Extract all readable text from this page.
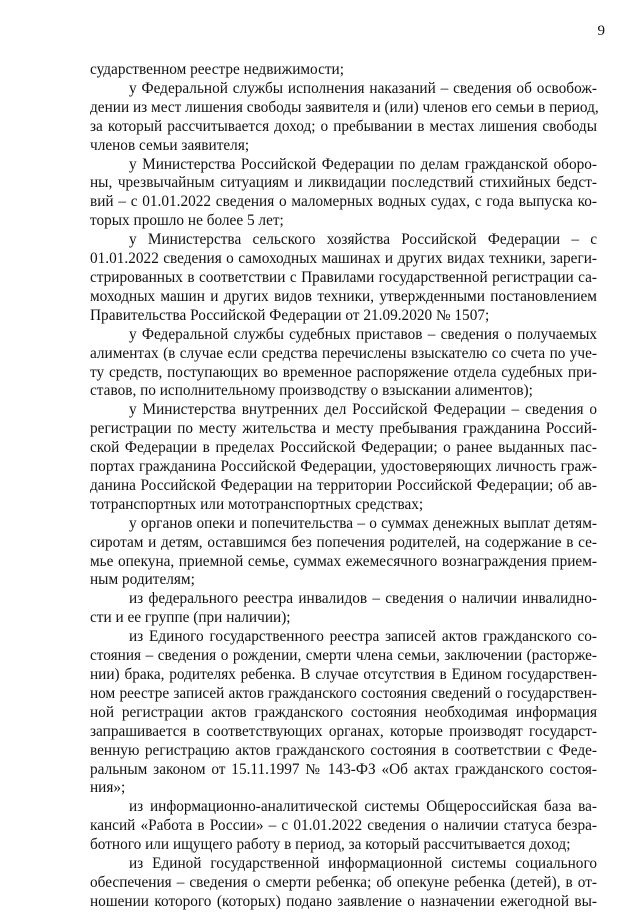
9
сударственном реестре недвижимости;
у Федеральной службы исполнения наказаний – сведения об освобож-
дении из мест лишения свободы заявителя и (или) членов его семьи в период,
за который рассчитывается доход; о пребывании в местах лишения свободы
членов семьи заявителя;
у Министерства Российской Федерации по делам гражданской оборо-
ны, чрезвычайным ситуациям и ликвидации последствий стихийных бедст-
вий – с 01.01.2022 сведения о маломерных водных судах, с года выпуска ко-
торых прошло не более 5 лет;
у Министерства сельского хозяйства Российской Федерации – с
01.01.2022 сведения о самоходных машинах и других видах техники, зареги-
стрированных в соответствии с Правилами государственной регистрации са-
моходных машин и других видов техники, утвержденными постановлением
Правительства Российской Федерации от 21.09.2020 № 1507;
у Федеральной службы судебных приставов – сведения о получаемых
алиментах (в случае если средства перечислены взыскателю со счета по уче-
ту средств, поступающих во временное распоряжение отдела судебных при-
ставов, по исполнительному производству о взыскании алиментов);
у Министерства внутренних дел Российской Федерации – сведения о
регистрации по месту жительства и месту пребывания гражданина Россий-
ской Федерации в пределах Российской Федерации; о ранее выданных пас-
портах гражданина Российской Федерации, удостоверяющих личность граж-
данина Российской Федерации на территории Российской Федерации; об ав-
тотранспортных или мототранспортных средствах;
у органов опеки и попечительства – о суммах денежных выплат детям-
сиротам и детям, оставшимся без попечения родителей, на содержание в се-
мье опекуна, приемной семье, суммах ежемесячного вознаграждения прием-
ным родителям;
из федерального реестра инвалидов – сведения о наличии инвалидно-
сти и ее группе (при наличии);
из Единого государственного реестра записей актов гражданского со-
стояния – сведения о рождении, смерти члена семьи, заключении (расторже-
нии) брака, родителях ребенка. В случае отсутствия в Едином государствен-
ном реестре записей актов гражданского состояния сведений о государствен-
ной регистрации актов гражданского состояния необходимая информация
запрашивается в соответствующих органах, которые производят государст-
венную регистрацию актов гражданского состояния в соответствии с Феде-
ральным законом от 15.11.1997 № 143-ФЗ «Об актах гражданского состоя-
ния»;
из информационно-аналитической системы Общероссийская база ва-
кансий «Работа в России» – с 01.01.2022 сведения о наличии статуса безра-
ботного или ищущего работу в период, за который рассчитывается доход;
из Единой государственной информационной системы социального
обеспечения – сведения о смерти ребенка; об опекуне ребенка (детей), в от-
ношении которого (которых) подано заявление о назначении ежегодной вы-
